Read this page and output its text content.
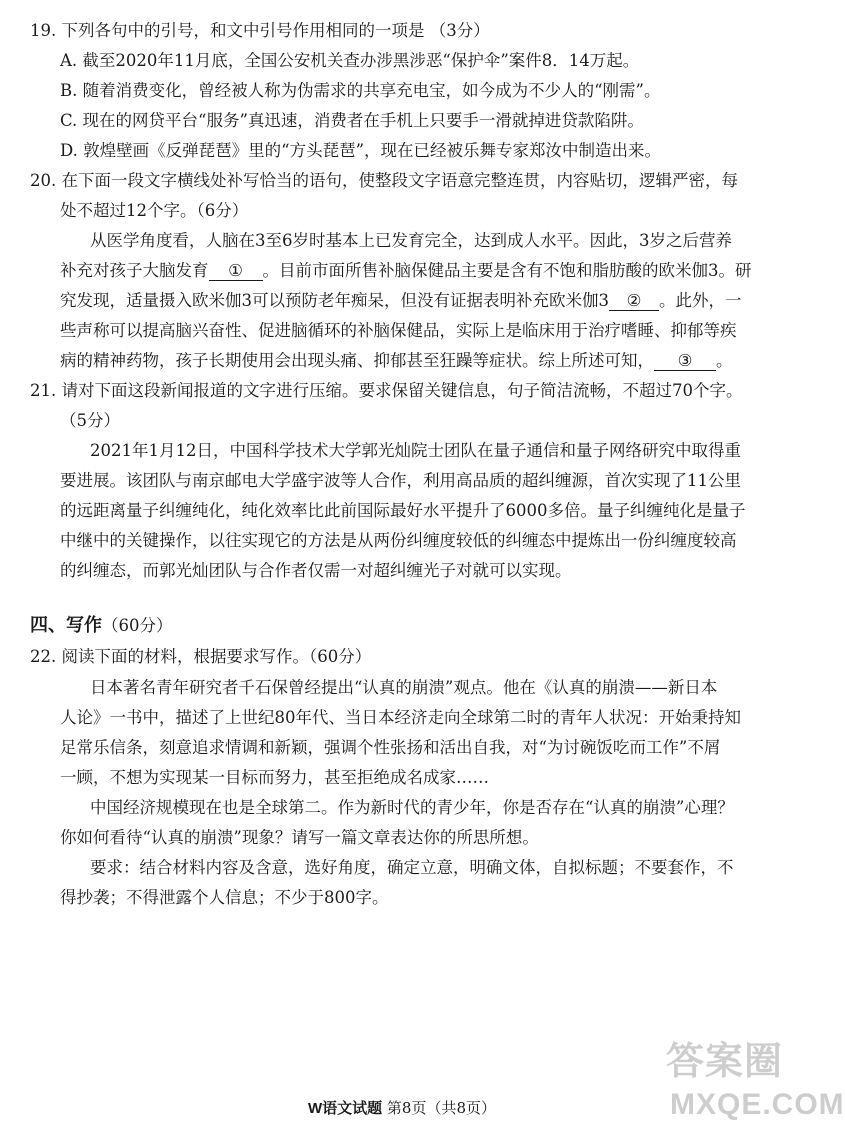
19. 下列各句中的引号，和文中引号作用相同的一项是 （3分）
A. 截至2020年11月底，全国公安机关查办涉黑涉恶“保护伞”案件8．14万起。
B. 随着消费变化，曾经被人称为伪需求的共享充电宝，如今成为不少人的“刚需”。
C. 现在的网贷平台“服务”真迅速，消费者在手机上只要手一滑就掉进贷款陷阱。
D. 敦煌壁画《反弹琵琶》里的“方头琵琶”，现在已经被乐舞专家郑汝中制造出来。
20. 在下面一段文字横线处补写恰当的语句，使整段文字语意完整连贯，内容贴切，逻辑严密，每
处不超过12个字。（6分）
从医学角度看，人脑在3至6岁时基本上已发育完全，达到成人水平。因此，3岁之后营养
补充对孩子大脑发育 ① 。目前市面所售补脑保健品主要是含有不饱和脂肪酸的欧米伽3。研
究发现，适量摄入欧米伽3可以预防老年痴呆，但没有证据表明补充欧米伽3 ② 。此外，一
些声称可以提高脑兴奋性、促进脑循环的补脑保健品，实际上是临床用于治疗嗜睡、抑郁等疾
病的精神药物，孩子长期使用会出现头痛、抑郁甚至狂躁等症状。综上所述可知， ③ 。
21. 请对下面这段新闻报道的文字进行压缩。要求保留关键信息，句子简洁流畅，不超过70个字。
（5分）
2021年1月12日，中国科学技术大学郭光灿院士团队在量子通信和量子网络研究中取得重
要进展。该团队与南京邮电大学盛宇波等人合作，利用高品质的超纠缠源，首次实现了11公里
的远距离量子纠缠纯化，纯化效率比此前国际最好水平提升了6000多倍。量子纠缠纯化是量子
中继中的关键操作，以往实现它的方法是从两份纠缠度较低的纠缠态中提炼出一份纠缠度较高
的纠缠态，而郭光灿团队与合作者仅需一对超纠缠光子对就可以实现。
四、写作（60分）
22. 阅读下面的材料，根据要求写作。（60分）
日本著名青年研究者千石保曾经提出“认真的崩溃”观点。他在《认真的崩溃——新日本
人论》一书中，描述了上世纪80年代、当日本经济走向全球第二时的青年人状况：开始秉持知
足常乐信条，刻意追求情调和新颖，强调个性张扬和活出自我，对“为讨碗饭吃而工作”不屑
一顾，不想为实现某一目标而努力，甚至拒绝成名成家……
中国经济规模现在也是全球第二。作为新时代的青少年，你是否存在“认真的崩溃”心理？
你如何看待“认真的崩溃”现象？请写一篇文章表达你的所思所想。
要求：结合材料内容及含意，选好角度，确定立意，明确文体，自拟标题；不要套作，不
得抄袭；不得泄露个人信息；不少于800字。
W语文试题 第8页（共8页）
答案圈
MXQE.COM
